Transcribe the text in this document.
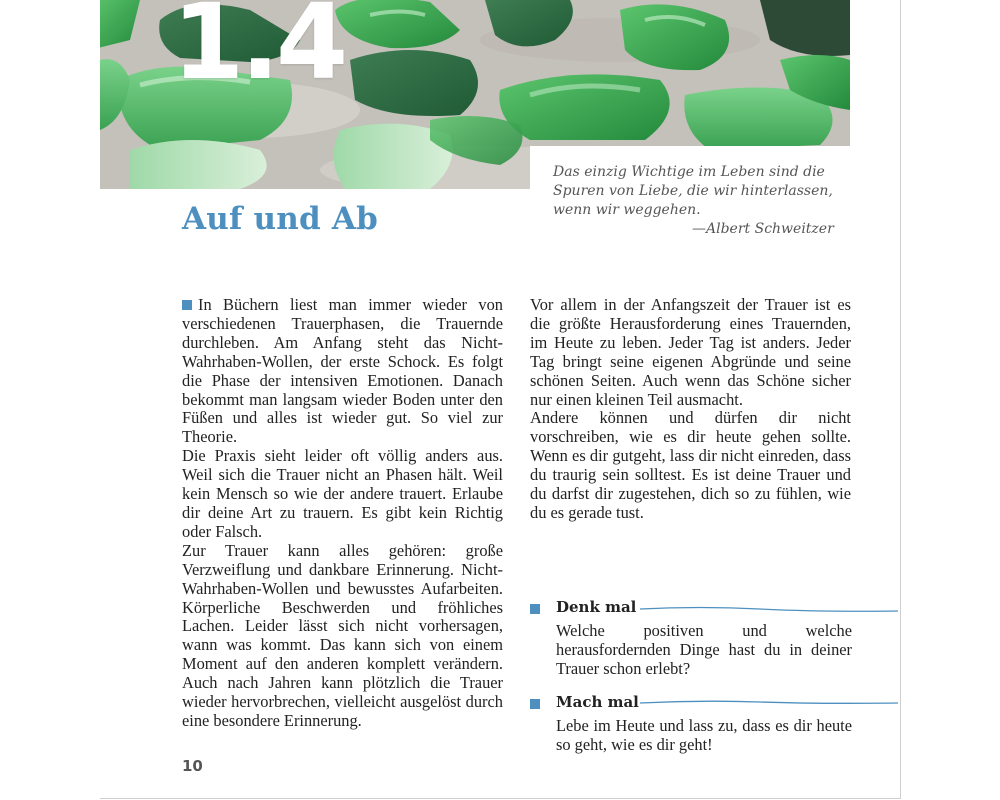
1.4
Das einzig Wichtige im Leben sind die
Spuren von Liebe, die wir hinterlassen,
wenn wir weggehen.
—Albert Schweitzer
Auf und Ab

In Büchern liest man immer wieder von verschiedenen Trauerphasen, die Trauernde durchleben. Am Anfang steht das Nicht-Wahrhaben-Wollen, der erste Schock. Es folgt die Phase der intensiven Emotionen. Danach bekommt man langsam wieder Boden unter den Füßen und alles ist wieder gut. So viel zur Theorie.

Die Praxis sieht leider oft völlig anders aus. Weil sich die Trauer nicht an Phasen hält. Weil kein Mensch so wie der andere trauert. Erlaube dir deine Art zu trauern. Es gibt kein Richtig oder Falsch.

Zur Trauer kann alles gehören: große Verzweiflung und dankbare Erinnerung. Nicht-Wahrhaben-Wollen und bewusstes Aufarbeiten. Körperliche Beschwerden und fröhliches Lachen. Leider lässt sich nicht vorhersagen, wann was kommt. Das kann sich von einem Moment auf den anderen komplett verändern. Auch nach Jahren kann plötzlich die Trauer wieder hervorbrechen, vielleicht ausgelöst durch eine besondere Erinnerung.

Vor allem in der Anfangszeit der Trauer ist es die größte Herausforderung eines Trauernden, im Heute zu leben. Jeder Tag ist anders. Jeder Tag bringt seine eigenen Abgründe und seine schönen Seiten. Auch wenn das Schöne sicher nur einen kleinen Teil ausmacht.

Andere können und dürfen dir nicht vorschreiben, wie es dir heute gehen sollte. Wenn es dir gutgeht, lass dir nicht einreden, dass du traurig sein solltest. Es ist deine Trauer und du darfst dir zugestehen, dich so zu fühlen, wie du es gerade tust.

Denk mal
Welche positiven und welche herausfordernden Dinge hast du in deiner Trauer schon erlebt?
Mach mal
Lebe im Heute und lass zu, dass es dir heute so geht, wie es dir geht!
10
